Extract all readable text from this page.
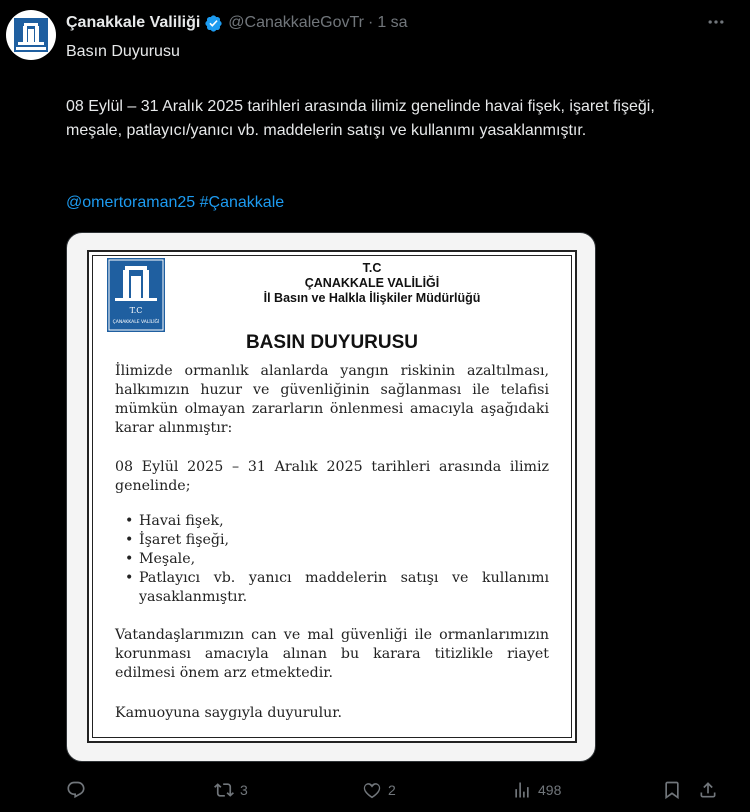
Çanakkale Valiliği @CanakkaleGovTr · 1 sa
Basın Duyurusu
08 Eylül – 31 Aralık 2025 tarihleri arasında ilimiz genelinde havai fişek, işaret fişeği, meşale, patlayıcı/yanıcı vb. maddelerin satışı ve kullanımı yasaklanmıştır.
@omertoraman25 #Çanakkale
T.C
ÇANAKKALE VALİLİĞİ
T.C
ÇANAKKALE VALİLİĞİ
İl Basın ve Halkla İlişkiler Müdürlüğü
BASIN DUYURUSU
İlimizde ormanlık alanlarda yangın riskinin azaltılması, halkımızın huzur ve güvenliğinin sağlanması ile telafisi mümkün olmayan zararların önlenmesi amacıyla aşağıdaki karar alınmıştır:
08 Eylül 2025 – 31 Aralık 2025 tarihleri arasında ilimiz genelinde;
• Havai fişek,
• İşaret fişeği,
• Meşale,
• Patlayıcı vb. yanıcı maddelerin satışı ve kullanımı yasaklanmıştır.
Vatandaşlarımızın can ve mal güvenliği ile ormanlarımızın korunması amacıyla alınan bu karara titizlikle riayet edilmesi önem arz etmektedir.
Kamuoyuna saygıyla duyurulur.
3	2	498
